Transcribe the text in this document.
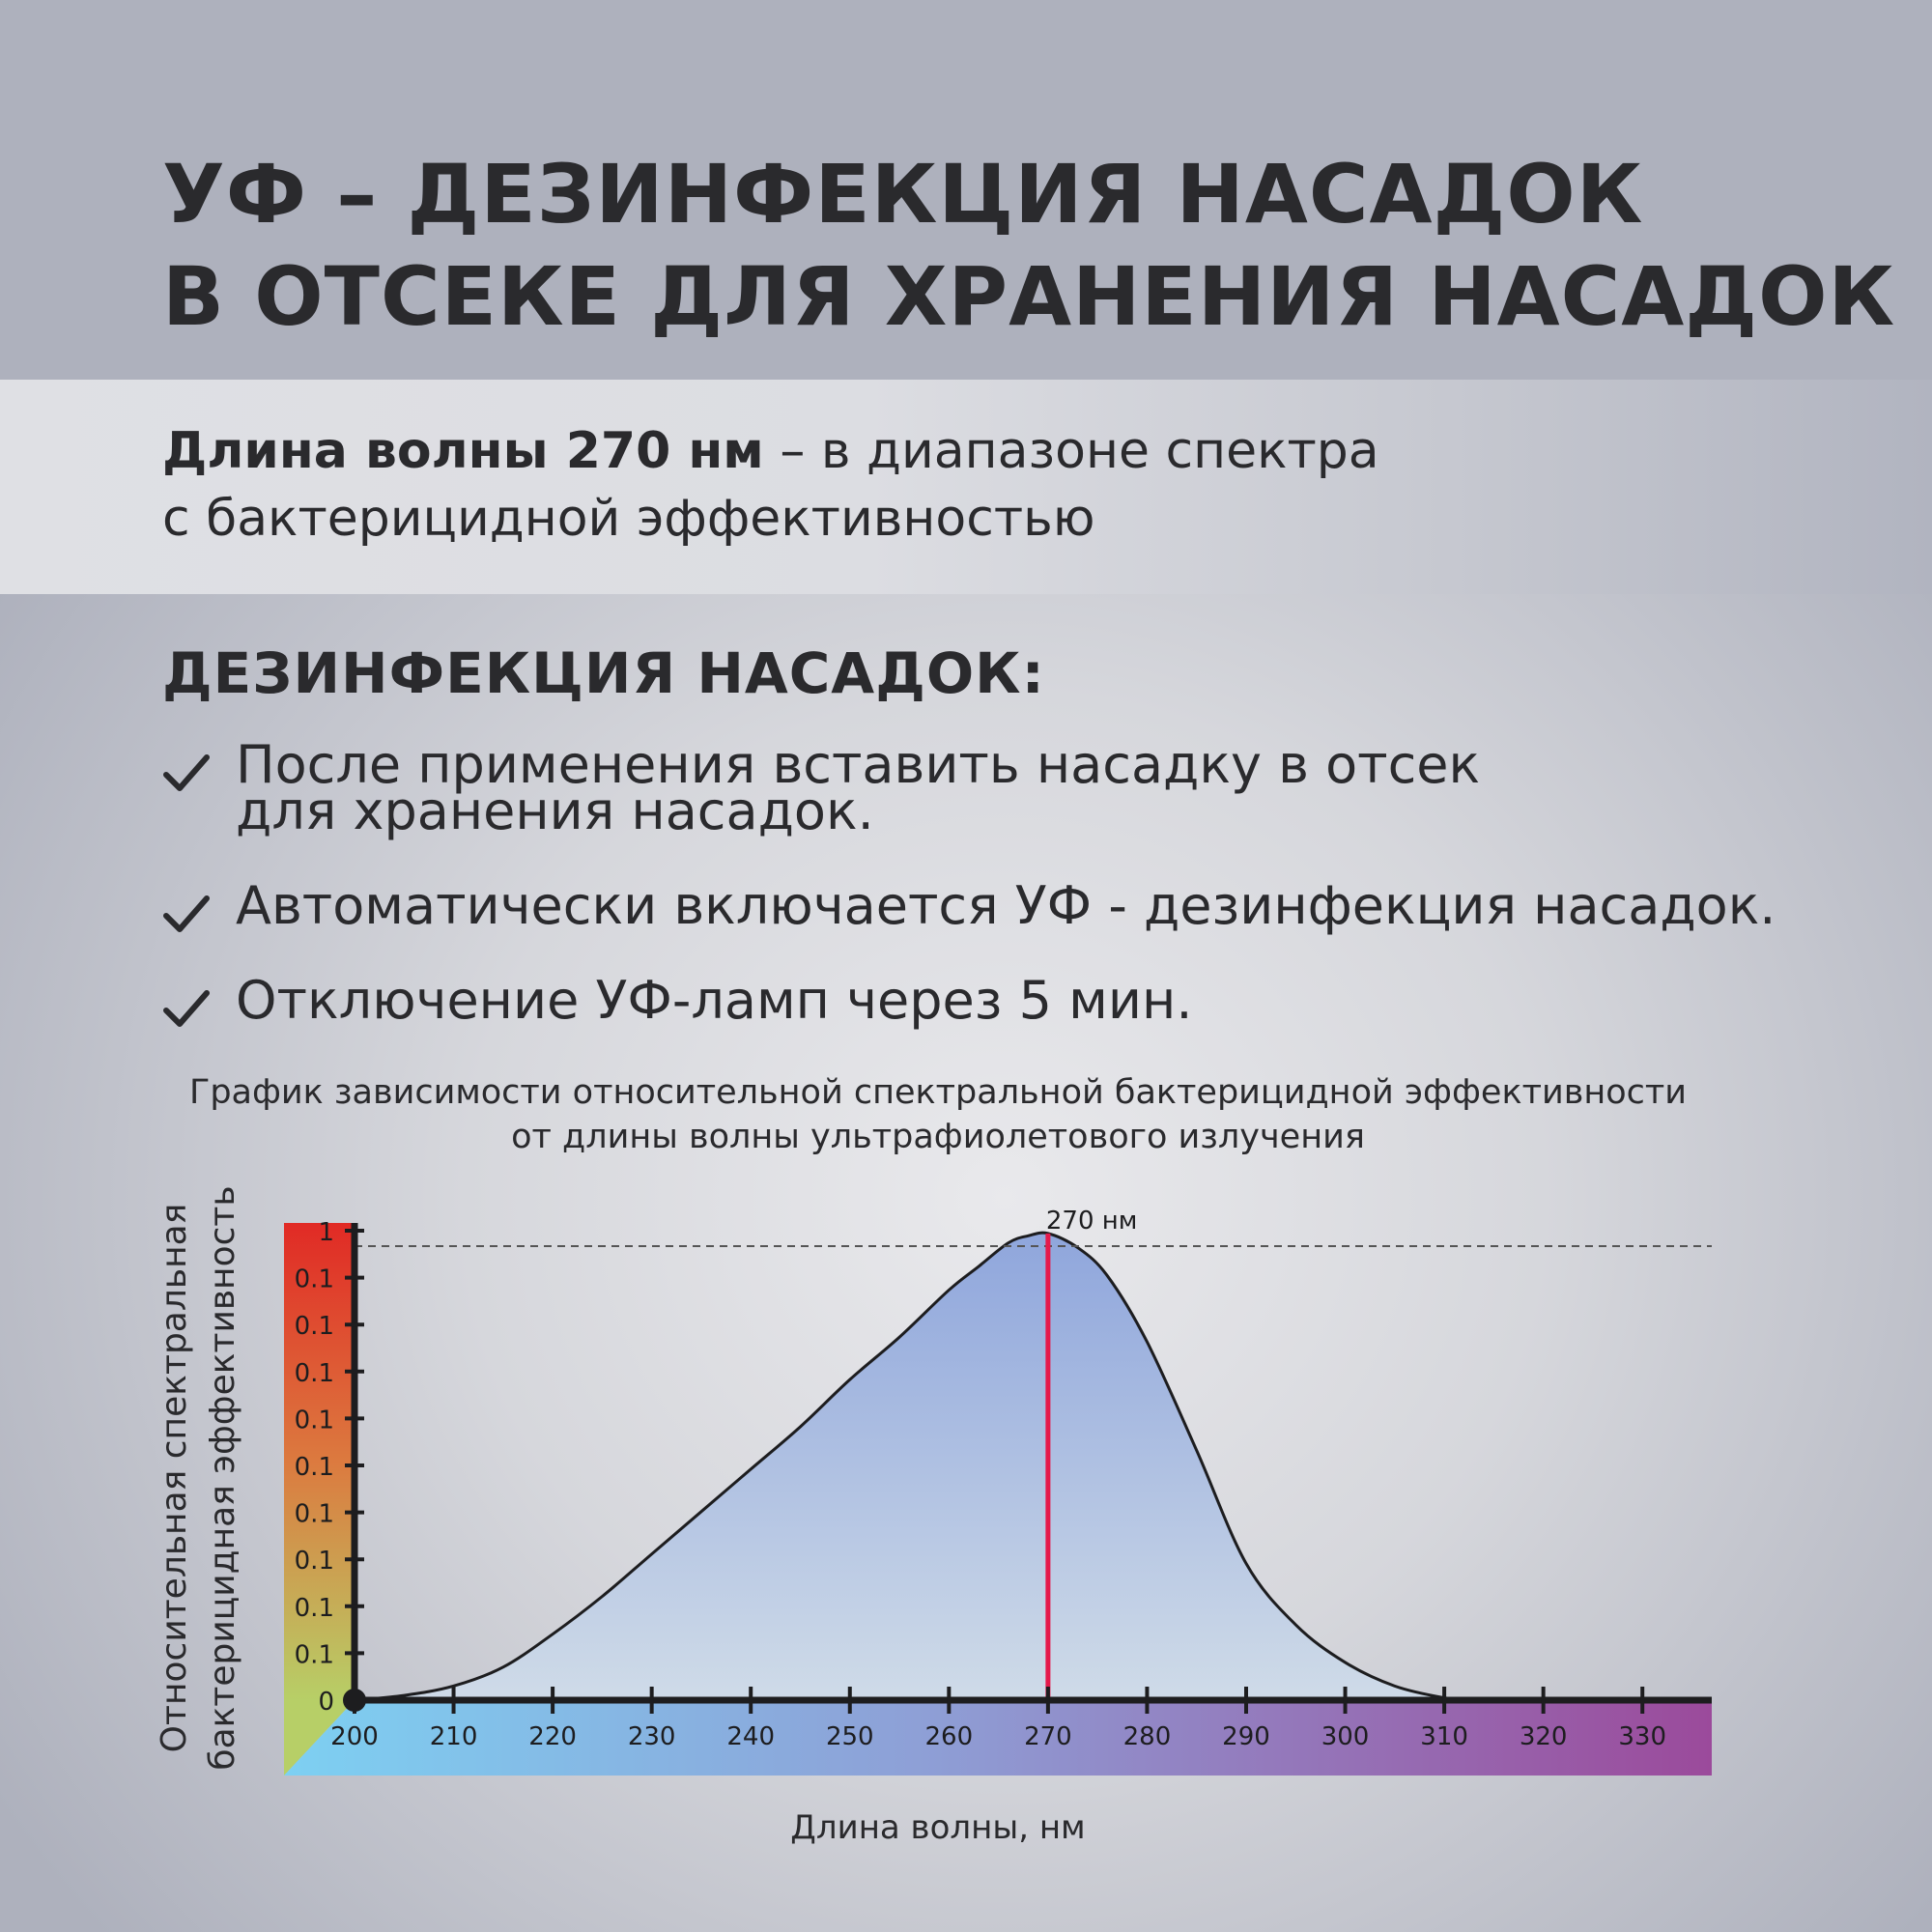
УФ – ДЕЗИНФЕКЦИЯ НАСАДОК
В ОТСЕКЕ ДЛЯ ХРАНЕНИЯ НАСАДОК
Длина волны 270 нм – в диапазоне спектра
с бактерицидной эффективностью
ДЕЗИНФЕКЦИЯ НАСАДОК:
После применения вставить насадку в отсек
для хранения насадок.
Автоматически включается УФ - дезинфекция насадок.
Отключение УФ-ламп через 5 мин.
График зависимости относительной спектральной бактерицидной эффективности
от длины волны ультрафиолетового излучения
270 нм
200 210 220 230 240 250 260 270 280 290 300 310 320 330
0
0.1
0.1
0.1
0.1
0.1
0.1
0.1
0.1
0.1
1
Относительная спектральная бактерицидная эффективность
Длина волны, нм
